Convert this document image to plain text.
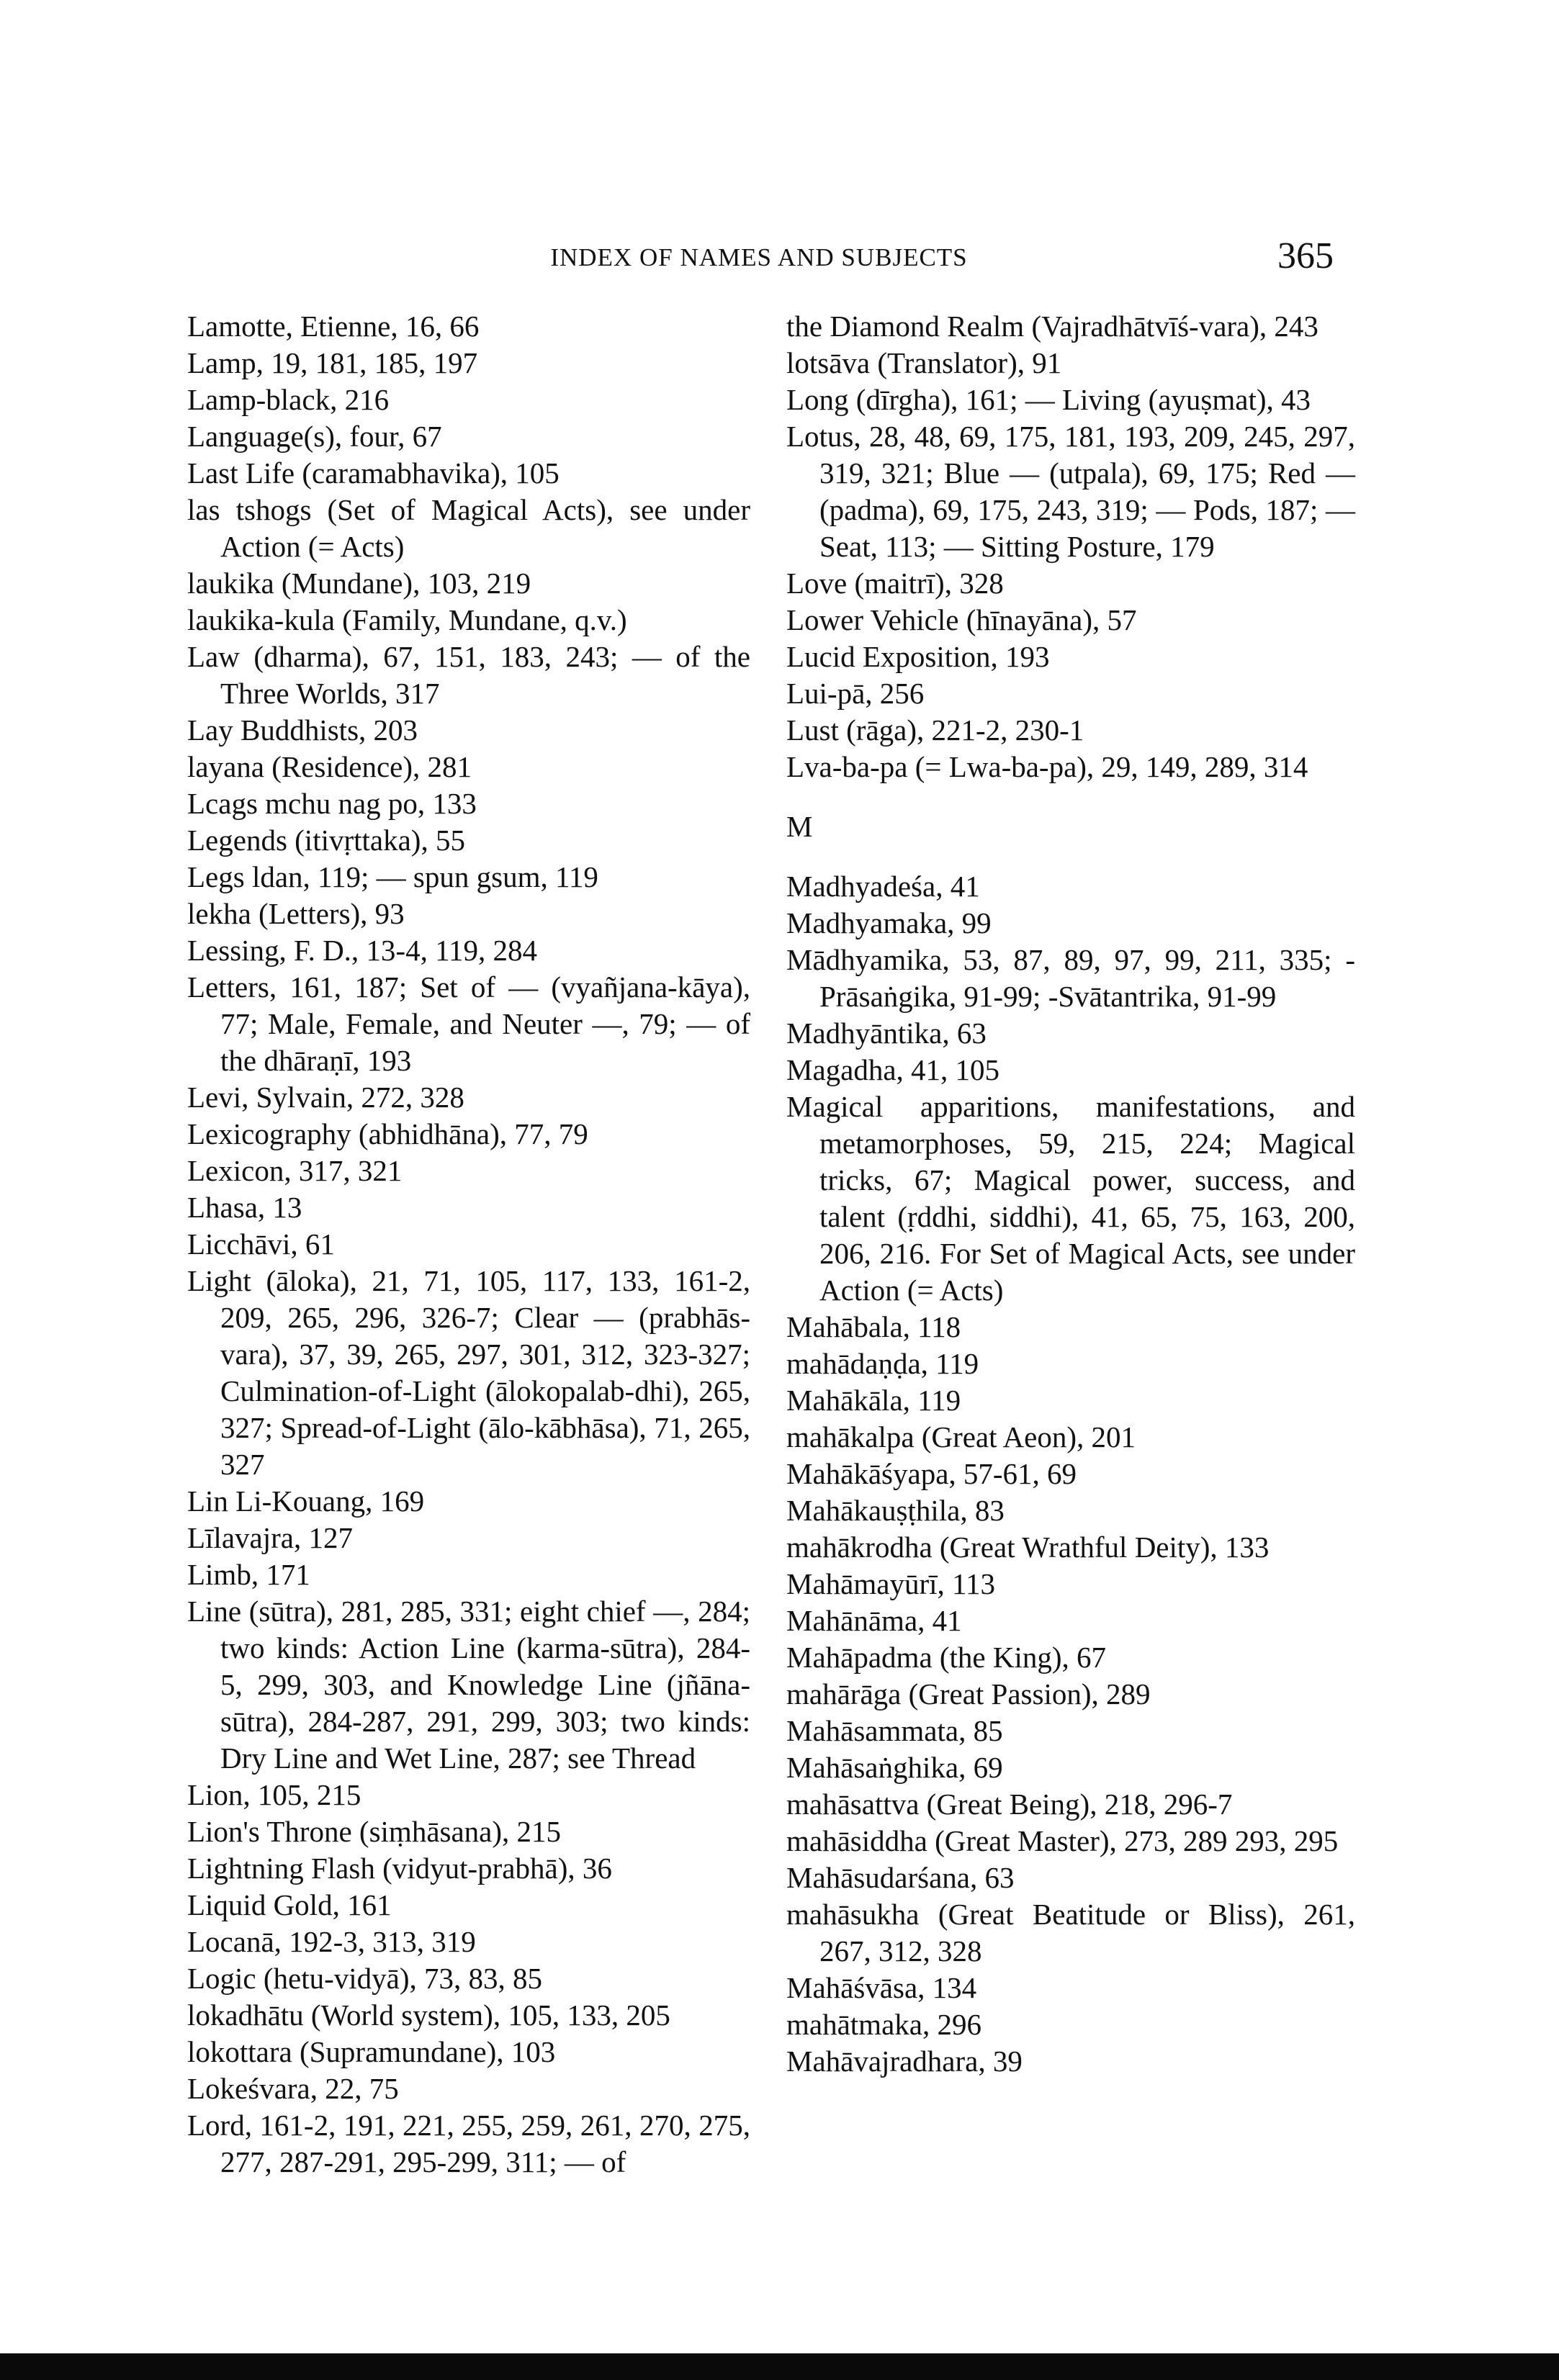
INDEX OF NAMES AND SUBJECTS	365
Lamotte, Etienne, 16, 66
Lamp, 19, 181, 185, 197
Lamp-black, 216
Language(s), four, 67
Last Life (caramabhavika), 105
las tshogs (Set of Magical Acts), see under Action (= Acts)
laukika (Mundane), 103, 219
laukika-kula (Family, Mundane, q.v.)
Law (dharma), 67, 151, 183, 243; — of the Three Worlds, 317
Lay Buddhists, 203
layana (Residence), 281
Lcags mchu nag po, 133
Legends (itivṛttaka), 55
Legs ldan, 119; — spun gsum, 119
lekha (Letters), 93
Lessing, F. D., 13-4, 119, 284
Letters, 161, 187; Set of — (vyañjana-kāya), 77; Male, Female, and Neuter —, 79; — of the dhāraṇī, 193
Levi, Sylvain, 272, 328
Lexicography (abhidhāna), 77, 79
Lexicon, 317, 321
Lhasa, 13
Licchāvi, 61
Light (āloka), 21, 71, 105, 117, 133, 161-2, 209, 265, 296, 326-7; Clear — (prabhās-vara), 37, 39, 265, 297, 301, 312, 323-327; Culmination-of-Light (ālokopalab-dhi), 265, 327; Spread-of-Light (ālo-kābhāsa), 71, 265, 327
Lin Li-Kouang, 169
Līlavajra, 127
Limb, 171
Line (sūtra), 281, 285, 331; eight chief —, 284; two kinds: Action Line (karma-sūtra), 284-5, 299, 303, and Knowledge Line (jñāna-sūtra), 284-287, 291, 299, 303; two kinds: Dry Line and Wet Line, 287; see Thread
Lion, 105, 215
Lion's Throne (siṃhāsana), 215
Lightning Flash (vidyut-prabhā), 36
Liquid Gold, 161
Locanā, 192-3, 313, 319
Logic (hetu-vidyā), 73, 83, 85
lokadhātu (World system), 105, 133, 205
lokottara (Supramundane), 103
Lokeśvara, 22, 75
Lord, 161-2, 191, 221, 255, 259, 261, 270, 275, 277, 287-291, 295-299, 311; — of
the Diamond Realm (Vajradhātvīś-vara), 243
lotsāva (Translator), 91
Long (dīrgha), 161; — Living (ayuṣmat), 43
Lotus, 28, 48, 69, 175, 181, 193, 209, 245, 297, 319, 321; Blue — (utpala), 69, 175; Red — (padma), 69, 175, 243, 319; — Pods, 187; — Seat, 113; — Sitting Posture, 179
Love (maitrī), 328
Lower Vehicle (hīnayāna), 57
Lucid Exposition, 193
Lui-pā, 256
Lust (rāga), 221-2, 230-1
Lva-ba-pa (= Lwa-ba-pa), 29, 149, 289, 314
M
Madhyadeśa, 41
Madhyamaka, 99
Mādhyamika, 53, 87, 89, 97, 99, 211, 335; -Prāsaṅgika, 91-99; -Svātantrika, 91-99
Madhyāntika, 63
Magadha, 41, 105
Magical apparitions, manifestations, and metamorphoses, 59, 215, 224; Magical tricks, 67; Magical power, success, and talent (ṛddhi, siddhi), 41, 65, 75, 163, 200, 206, 216. For Set of Magical Acts, see under Action (= Acts)
Mahābala, 118
mahādaṇḍa, 119
Mahākāla, 119
mahākalpa (Great Aeon), 201
Mahākāśyapa, 57-61, 69
Mahākauṣṭhila, 83
mahākrodha (Great Wrathful Deity), 133
Mahāmayūrī, 113
Mahānāma, 41
Mahāpadma (the King), 67
mahārāga (Great Passion), 289
Mahāsammata, 85
Mahāsaṅghika, 69
mahāsattva (Great Being), 218, 296-7
mahāsiddha (Great Master), 273, 289 293, 295
Mahāsudarśana, 63
mahāsukha (Great Beatitude or Bliss), 261, 267, 312, 328
Mahāśvāsa, 134
mahātmaka, 296
Mahāvajradhara, 39
